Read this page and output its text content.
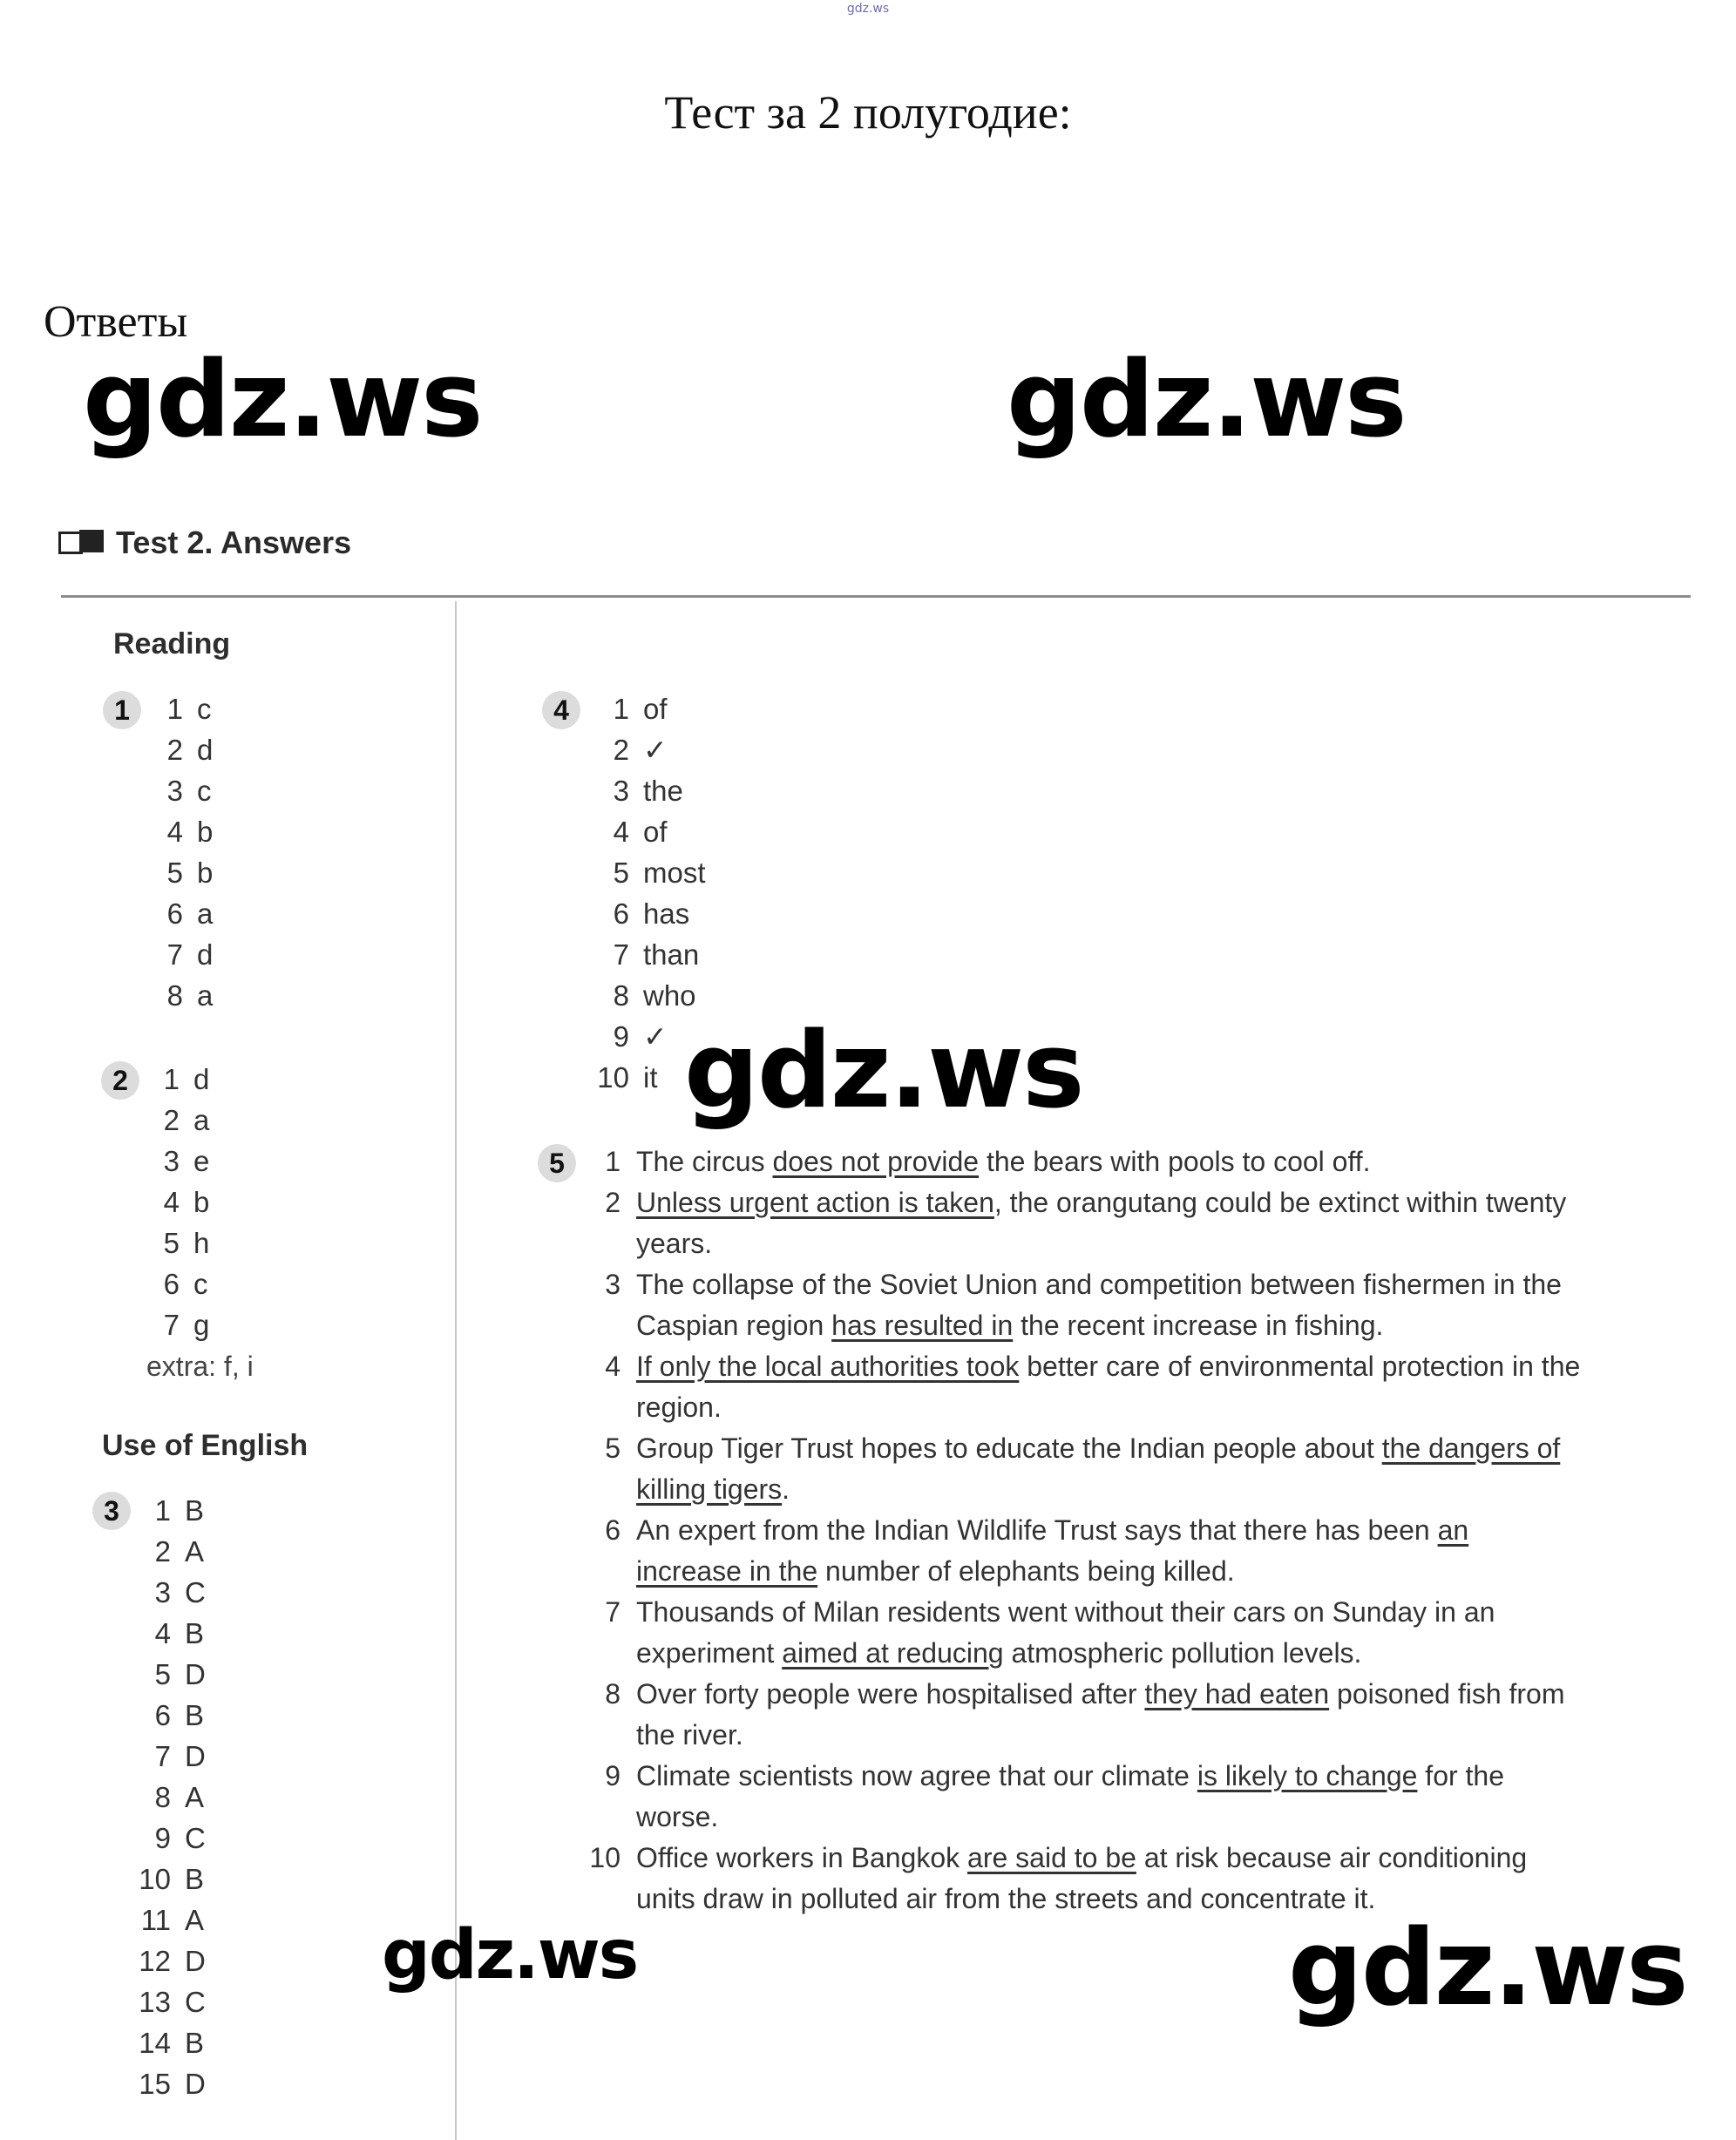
gdz.ws
Тест за 2 полугодие:
Ответы
Test 2. Answers
Reading
1	1 c
2 d
3 c
4 b
5 b
6 a
7 d
8 a
2	1 d
2 a
3 e
4 b
5 h
6 c
7 g
extra: f, i
Use of English
3	1 B
2 A
3 C
4 B
5 D
6 B
7 D
8 A
9 C
10 B
11 A
12 D
13 C
14 B
15 D
4	1 of
2 ✓
3 the
4 of
5 most
6 has
7 than
8 who
9 ✓
10 it
5	1 The circus does not provide the bears with pools to cool off.
2 Unless urgent action is taken, the orangutang could be extinct within twenty years.
3 The collapse of the Soviet Union and competition between fishermen in the Caspian region has resulted in the recent increase in fishing.
4 If only the local authorities took better care of environmental protection in the region.
5 Group Tiger Trust hopes to educate the Indian people about the dangers of killing tigers.
6 An expert from the Indian Wildlife Trust says that there has been an increase in the number of elephants being killed.
7 Thousands of Milan residents went without their cars on Sunday in an experiment aimed at reducing atmospheric pollution levels.
8 Over forty people were hospitalised after they had eaten poisoned fish from the river.
9 Climate scientists now agree that our climate is likely to change for the worse.
10 Office workers in Bangkok are said to be at risk because air conditioning units draw in polluted air from the streets and concentrate it.
gdz.ws	gdz.ws
gdz.ws
gdz.ws	gdz.ws
